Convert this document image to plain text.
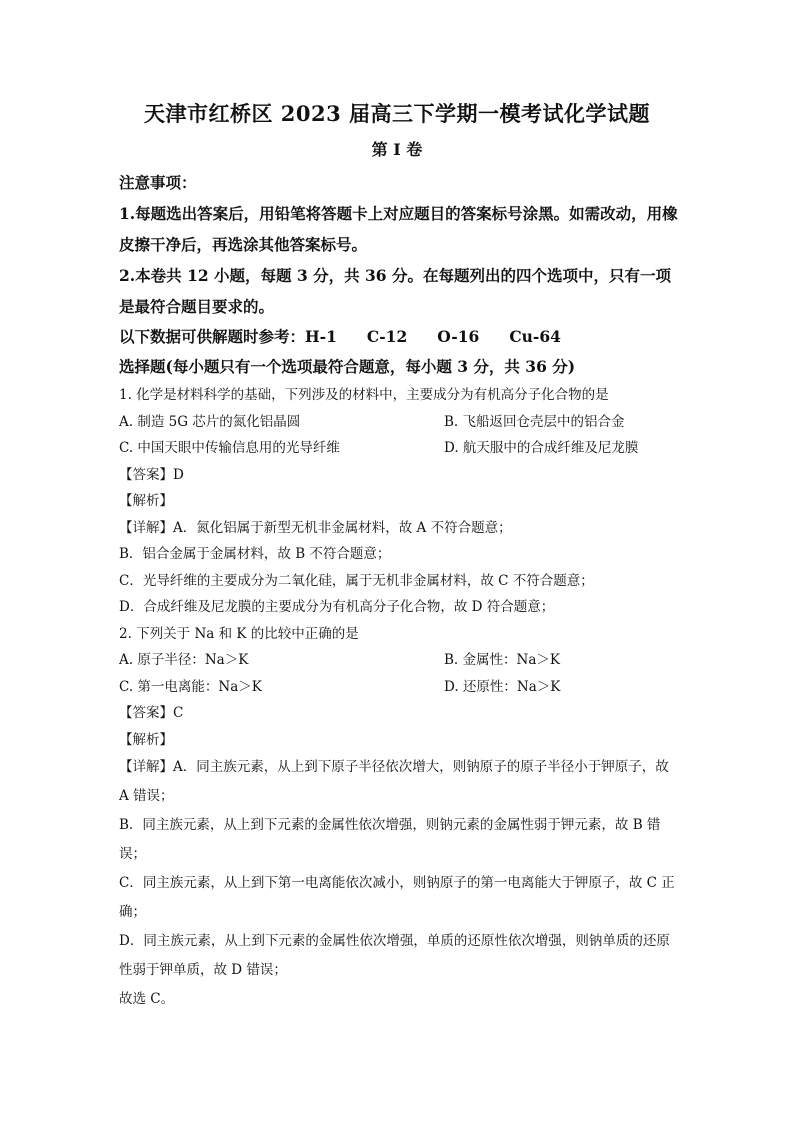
天津市红桥区 2023 届高三下学期一模考试化学试题
第 I 卷
注意事项：
1.每题选出答案后，用铅笔将答题卡上对应题目的答案标号涂黑。如需改动，用橡皮擦干净后，再选涂其他答案标号。
2.本卷共 12 小题，每题 3 分，共 36 分。在每题列出的四个选项中，只有一项是最符合题目要求的。
以下数据可供解题时参考：H-1 C-12 O-16 Cu-64
选择题(每小题只有一个选项最符合题意，每小题 3 分，共 36 分)
1. 化学是材料科学的基础，下列涉及的材料中，主要成分为有机高分子化合物的是
A. 制造 5G 芯片的氮化铝晶圆	B. 飞船返回仓壳层中的铝合金
C. 中国天眼中传输信息用的光导纤维	D. 航天服中的合成纤维及尼龙膜
【答案】D
【解析】
【详解】A．氮化铝属于新型无机非金属材料，故 A 不符合题意；
B．铝合金属于金属材料，故 B 不符合题意；
C．光导纤维的主要成分为二氧化硅，属于无机非金属材料，故 C 不符合题意；
D．合成纤维及尼龙膜的主要成分为有机高分子化合物，故 D 符合题意；
2. 下列关于 Na 和 K 的比较中正确的是
A. 原子半径：Na＞K	B. 金属性：Na＞K
C. 第一电离能：Na＞K	D. 还原性：Na＞K
【答案】C
【解析】
【详解】A．同主族元素，从上到下原子半径依次增大，则钠原子的原子半径小于钾原子，故 A 错误；
B．同主族元素，从上到下元素的金属性依次增强，则钠元素的金属性弱于钾元素，故 B 错误；
C．同主族元素，从上到下第一电离能依次减小，则钠原子的第一电离能大于钾原子，故 C 正确；
D．同主族元素，从上到下元素的金属性依次增强，单质的还原性依次增强，则钠单质的还原性弱于钾单质，故 D 错误；
故选 C。
